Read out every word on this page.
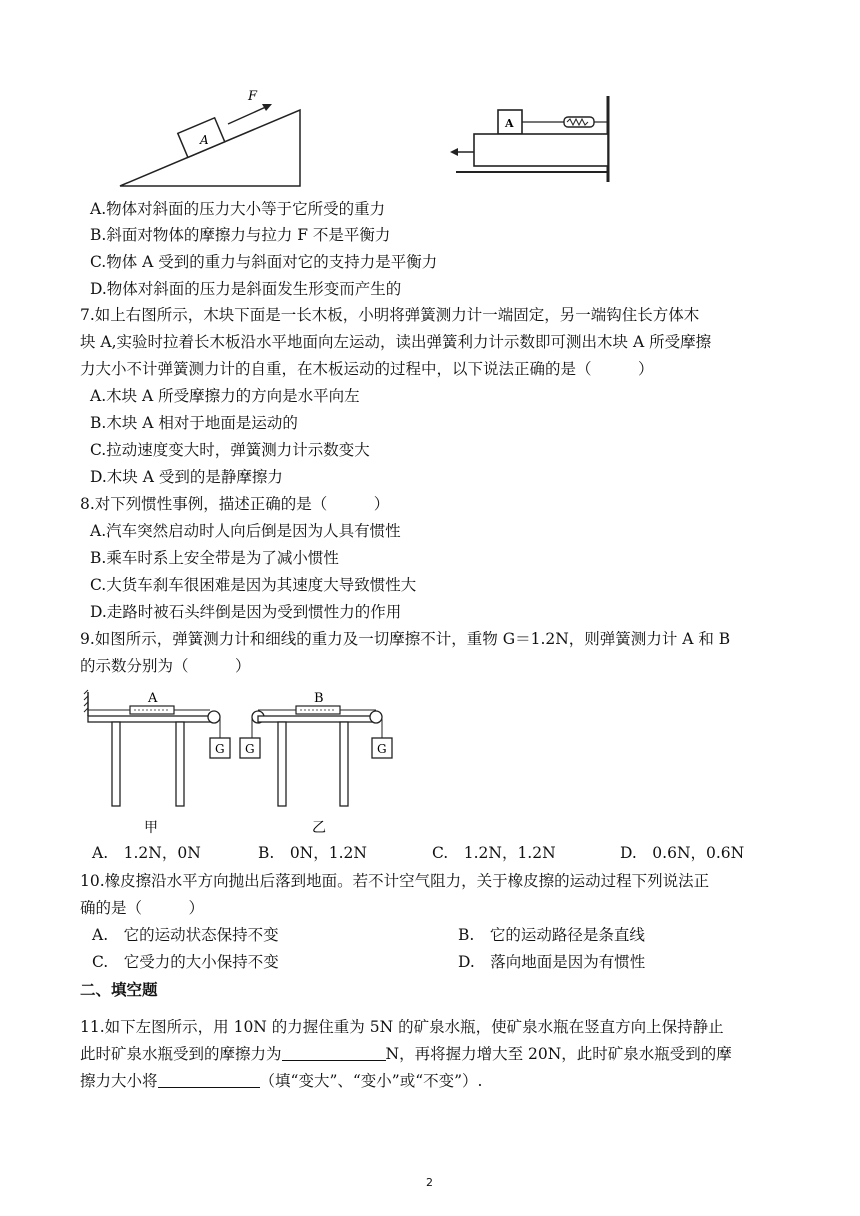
A
F
A
A.物体对斜面的压力大小等于它所受的重力
B.斜面对物体的摩擦力与拉力 F 不是平衡力
C.物体 A 受到的重力与斜面对它的支持力是平衡力
D.物体对斜面的压力是斜面发生形变而产生的
7.如上右图所示，木块下面是一长木板，小明将弹簧测力计一端固定，另一端钩住长方体木
块 A,实验时拉着长木板沿水平地面向左运动，读出弹簧利力计示数即可测出木块 A 所受摩擦
力大小不计弹簧测力计的自重，在木板运动的过程中，以下说法正确的是（　　　）
A.木块 A 所受摩擦力的方向是水平向左
B.木块 A 相对于地面是运动的
C.拉动速度变大时，弹簧测力计示数变大
D.木块 A 受到的是静摩擦力
8.对下列惯性事例，描述正确的是（　　　）
A.汽车突然启动时人向后倒是因为人具有惯性
B.乘车时系上安全带是为了减小惯性
C.大货车刹车很困难是因为其速度大导致惯性大
D.走路时被石头绊倒是因为受到惯性力的作用
9.如图所示，弹簧测力计和细线的重力及一切摩擦不计，重物 G＝1.2N，则弹簧测力计 A 和 B
的示数分别为（　　　）
A
G G
B
G
甲	乙
A.　1.2N，0N	B.　0N，1.2N	C.　1.2N，1.2N	D.　0.6N，0.6N
10.橡皮擦沿水平方向抛出后落到地面。若不计空气阻力，关于橡皮擦的运动过程下列说法正
确的是（　　　）
A.　它的运动状态保持不变	B.　它的运动路径是条直线
C.　它受力的大小保持不变	D.　落向地面是因为有惯性
二、填空题
11.如下左图所示，用 10N 的力握住重为 5N 的矿泉水瓶，使矿泉水瓶在竖直方向上保持静止
此时矿泉水瓶受到的摩擦力为	N，再将握力增大至 20N，此时矿泉水瓶受到的摩
擦力大小将	（填“变大”、“变小”或“不变”）.
2
